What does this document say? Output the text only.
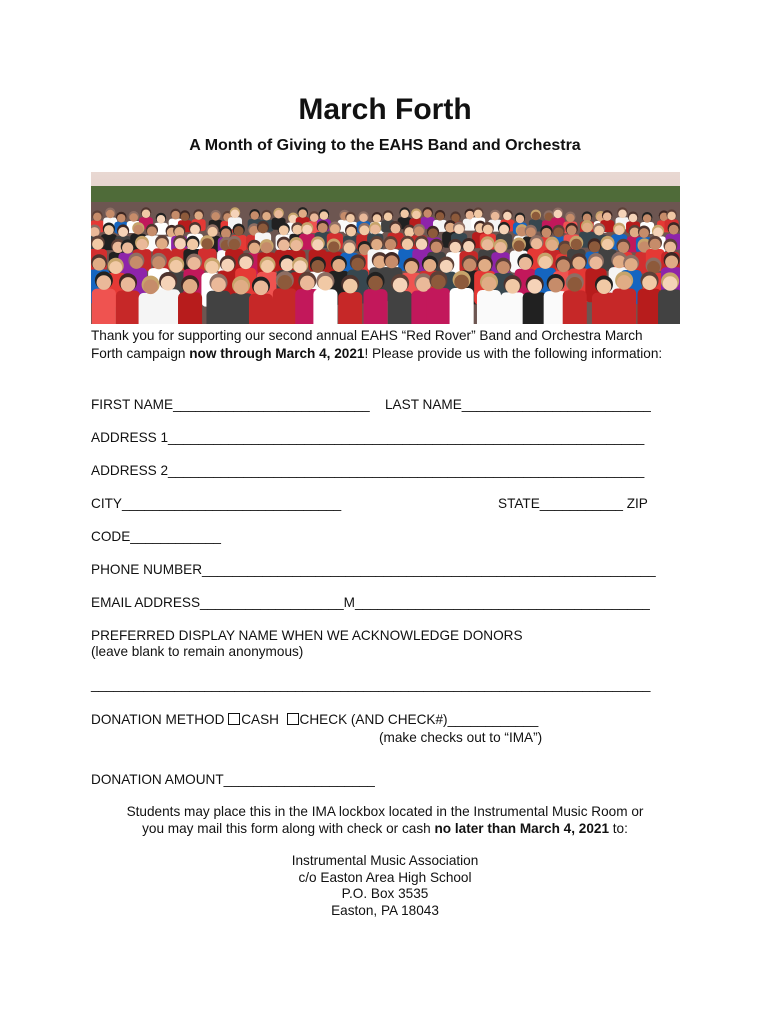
March Forth
A Month of Giving to the EAHS Band and Orchestra
Thank you for supporting our second annual EAHS “Red Rover” Band and Orchestra March
Forth campaign now through March 4, 2021! Please provide us with the following information:
FIRST NAME__________________________ LAST NAME_________________________
ADDRESS 1_______________________________________________________________
ADDRESS 2_______________________________________________________________
CITY_____________________________	STATE___________ ZIP
CODE____________
PHONE NUMBER____________________________________________________________
EMAIL ADDRESS___________________M_______________________________________
PREFERRED DISPLAY NAME WHEN WE ACKNOWLEDGE DONORS
(leave blank to remain anonymous)
__________________________________________________________________________
DONATION METHOD CASH CHECK (AND CHECK#)____________
(make checks out to “IMA”)
DONATION AMOUNT____________________
Students may place this in the IMA lockbox located in the Instrumental Music Room or
you may mail this form along with check or cash no later than March 4, 2021 to:
Instrumental Music Association
c/o Easton Area High School
P.O. Box 3535
Easton, PA 18043
